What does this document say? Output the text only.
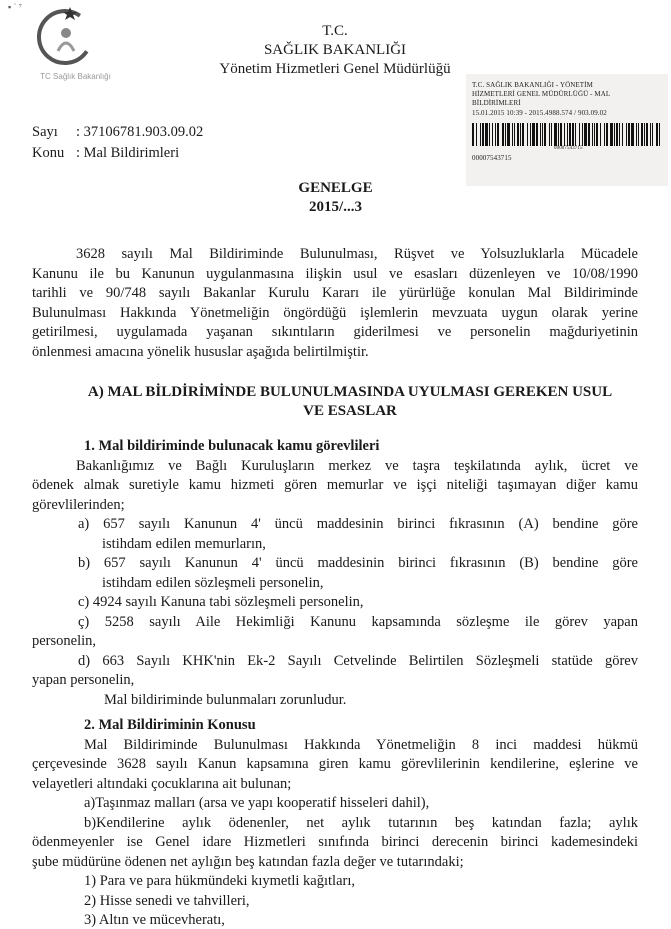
▪ ˙ ⁷
TC Sağlık Bakanlığı
T.C.
SAĞLIK BAKANLIĞI
Yönetim Hizmetleri Genel Müdürlüğü
T.C. SAĞLIK BAKANLIĞI - YÖNETİM
HİZMETLERİ GENEL MÜDÜRLÜĞÜ - MAL
BİLDİRİMLERİ
15.01.2015 10:39 - 2015.4988.574 / 903.09.02
00007543715
00007543715
Sayı : 37106781.903.09.02
Konu : Mal Bildirimleri
GENELGE
2015/...3
3628 sayılı Mal Bildiriminde Bulunulması, Rüşvet ve Yolsuzluklarla Mücadele
Kanunu ile bu Kanunun uygulanmasına ilişkin usul ve esasları düzenleyen ve 10/08/1990
tarihli ve 90/748 sayılı Bakanlar Kurulu Kararı ile yürürlüğe konulan Mal Bildiriminde
Bulunulması Hakkında Yönetmeliğin öngördüğü işlemlerin mevzuata uygun olarak yerine
getirilmesi, uygulamada yaşanan sıkıntıların giderilmesi ve personelin mağduriyetinin
önlenmesi amacına yönelik hususlar aşağıda belirtilmiştir.
A) MAL BİLDİRİMİNDE BULUNULMASINDA UYULMASI GEREKEN USUL
VE ESASLAR
1. Mal bildiriminde bulunacak kamu görevlileri
Bakanlığımız ve Bağlı Kuruluşların merkez ve taşra teşkilatında aylık, ücret ve
ödenek almak suretiyle kamu hizmeti gören memurlar ve işçi niteliği taşımayan diğer kamu
görevlilerinden;
a) 657 sayılı Kanunun 4' üncü maddesinin birinci fıkrasının (A) bendine göre
istihdam edilen memurların,
b) 657 sayılı Kanunun 4' üncü maddesinin birinci fıkrasının (B) bendine göre
istihdam edilen sözleşmeli personelin,
c) 4924 sayılı Kanuna tabi sözleşmeli personelin,
ç) 5258 sayılı Aile Hekimliği Kanunu kapsamında sözleşme ile görev yapan
personelin,
d) 663 Sayılı KHK'nin Ek-2 Sayılı Cetvelinde Belirtilen Sözleşmeli statüde görev
yapan personelin,
Mal bildiriminde bulunmaları zorunludur.
2. Mal Bildiriminin Konusu
Mal Bildiriminde Bulunulması Hakkında Yönetmeliğin 8 inci maddesi hükmü
çerçevesinde 3628 sayılı Kanun kapsamına giren kamu görevlilerinin kendilerine, eşlerine ve
velayetleri altındaki çocuklarına ait bulunan;
a)Taşınmaz malları (arsa ve yapı kooperatif hisseleri dahil),
b)Kendilerine aylık ödenenler, net aylık tutarının beş katından fazla; aylık
ödenmeyenler ise Genel idare Hizmetleri sınıfında birinci derecenin birinci kademesindeki
şube müdürüne ödenen net aylığın beş katından fazla değer ve tutarındaki;
1) Para ve para hükmündeki kıymetli kağıtları,
2) Hisse senedi ve tahvilleri,
3) Altın ve mücevheratı,
